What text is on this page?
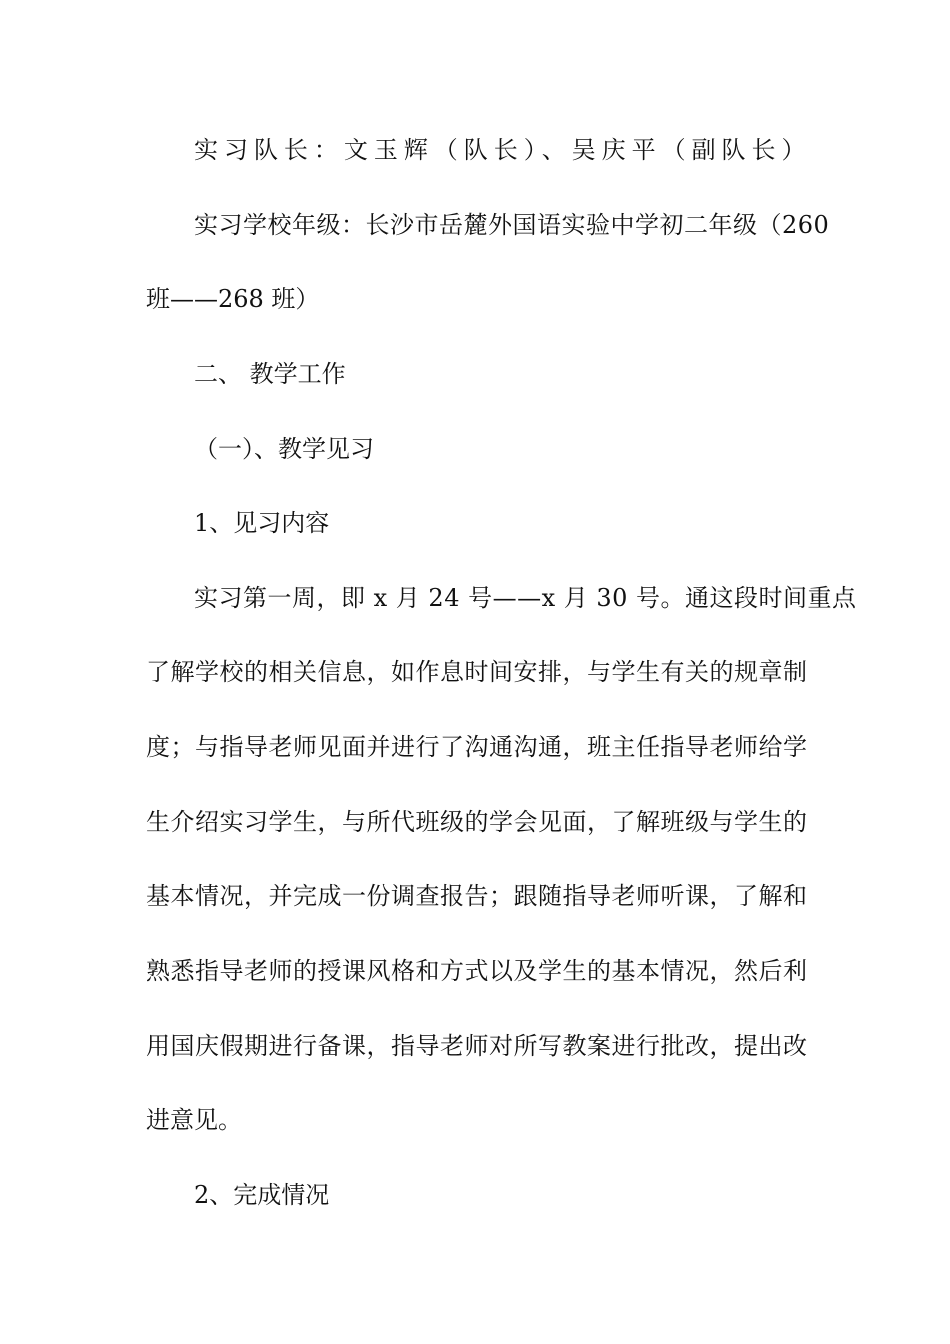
实习队长：文玉辉（队长）、吴庆平（副队长）
实习学校年级：长沙市岳麓外国语实验中学初二年级（260
班——268 班）
二、 教学工作
（一）、教学见习
1、见习内容
实习第一周，即 x 月 24 号——x 月 30 号。通这段时间重点
了解学校的相关信息，如作息时间安排，与学生有关的规章制
度；与指导老师见面并进行了沟通沟通，班主任指导老师给学
生介绍实习学生，与所代班级的学会见面，了解班级与学生的
基本情况，并完成一份调查报告；跟随指导老师听课，了解和
熟悉指导老师的授课风格和方式以及学生的基本情况，然后利
用国庆假期进行备课，指导老师对所写教案进行批改，提出改
进意见。
2、完成情况
